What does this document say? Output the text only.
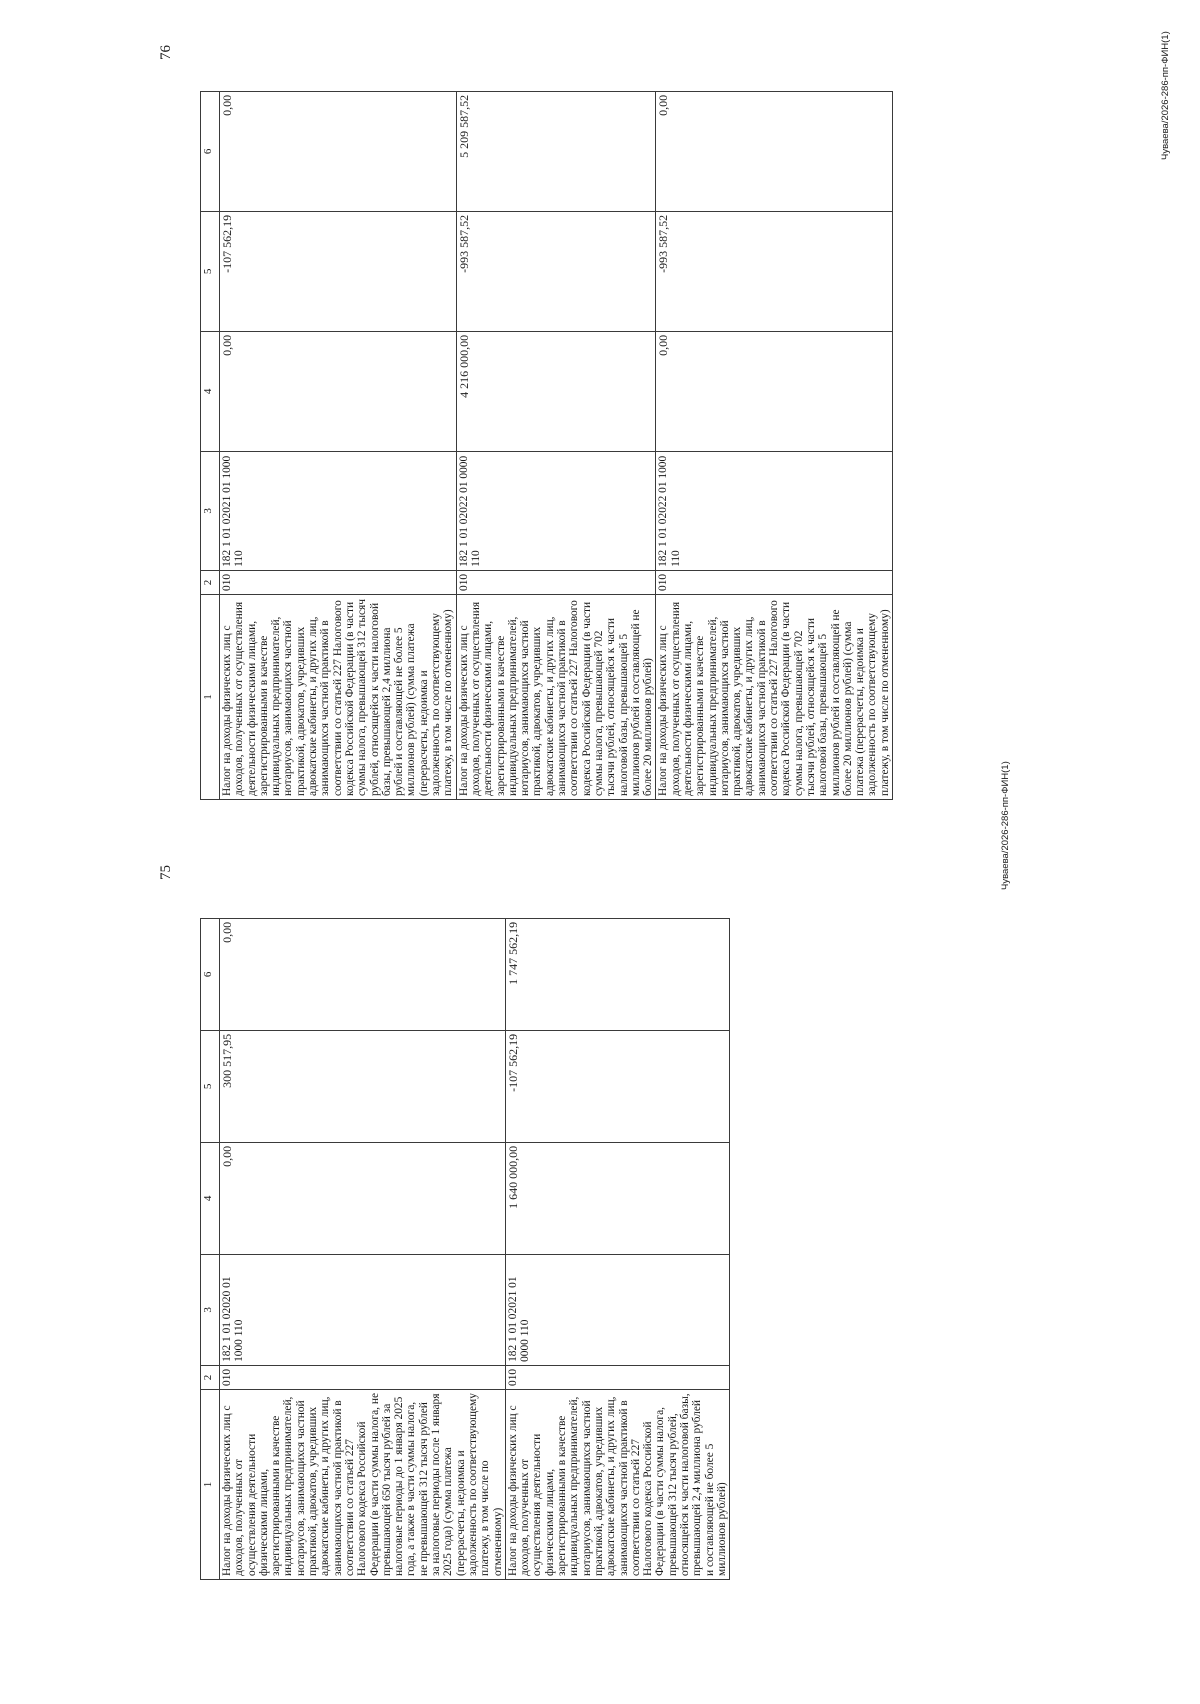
75
1	2	3	4	5	6
Налог на доходы физических лиц с доходов, полученных от осуществления деятельности физическими лицами, зарегистрированными в качестве индивидуальных предпринимателей, нотариусов, занимающихся частной практикой, адвокатов, учредивших адвокатские кабинеты, и других лиц, занимающихся частной практикой в соответствии со статьей 227 Налогового кодекса Российской Федерации (в части суммы налога, не превышающей 650 тысяч рублей за налоговые периоды до 1 января 2025 года, а также в части суммы налога, не превышающей 312 тысяч рублей за налоговые периоды после 1 января 2025 года) (сумма платежа (перерасчеты, недоимка и задолженность по соответствующему платежу, в том числе по отмененному)	010	182 1 01 02020 01 1000 110	0,00	300 517,95	0,00
Налог на доходы физических лиц с доходов, полученных от осуществления деятельности физическими лицами, зарегистрированными в качестве индивидуальных предпринимателей, нотариусов, занимающихся частной практикой, адвокатов, учредивших адвокатские кабинеты, и других лиц, занимающихся частной практикой в соответствии со статьей 227 Налогового кодекса Российской Федерации (в части суммы налога, превышающей 312 тысяч рублей, относящейся к части налоговой базы, превышающей 2,4 миллиона рублей и составляющей не более 5 миллионов рублей)	010	182 1 01 02021 01 0000 110	1 640 000,00	-107 562,19	1 747 562,19
76
1	2	3	4	5	6
Налог на доходы физических лиц с доходов, полученных от осуществления деятельности физическими лицами, зарегистрированными в качестве индивидуальных предпринимателей, нотариусов, занимающихся частной практикой, адвокатов, учредивших адвокатские кабинеты, и других лиц, занимающихся частной практикой в соответствии со статьей 227 Налогового кодекса Российской Федерации (в части суммы налога, превышающей 312 тысяч рублей, относящейся к части налоговой базы, превышающей 2,4 миллиона рублей и составляющей не более 5 миллионов рублей) (сумма платежа (перерасчеты, недоимка и задолженность по соответствующему платежу, в том числе по отмененному)	010	182 1 01 02021 01 1000 110	0,00	-107 562,19	0,00
Налог на доходы физических лиц с доходов, полученных от осуществления деятельности физическими лицами, зарегистрированными в качестве индивидуальных предпринимателей, нотариусов, занимающихся частной практикой, адвокатов, учредивших адвокатские кабинеты, и других лиц, занимающихся частной практикой в соответствии со статьей 227 Налогового кодекса Российской Федерации (в части суммы налога, превышающей 702 тысячи рублей, относящейся к части налоговой базы, превышающей 5 миллионов рублей и составляющей не более 20 миллионов рублей)	010	182 1 01 02022 01 0000 110	4 216 000,00	-993 587,52	5 209 587,52
Налог на доходы физических лиц с доходов, полученных от осуществления деятельности физическими лицами, зарегистрированными в качестве индивидуальных предпринимателей, нотариусов, занимающихся частной практикой, адвокатов, учредивших адвокатские кабинеты, и других лиц, занимающихся частной практикой в соответствии со статьей 227 Налогового кодекса Российской Федерации (в части суммы налога, превышающей 702 тысячи рублей, относящейся к части налоговой базы, превышающей 5 миллионов рублей и составляющей не более 20 миллионов рублей) (сумма платежа (перерасчеты, недоимка и задолженность по соответствующему платежу, в том числе по отмененному)	010	182 1 01 02022 01 1000 110	0,00	-993 587,52	0,00
Чуваева/2026-286-пп-ФИН(1)
Чуваева/2026-286-пп-ФИН(1)
